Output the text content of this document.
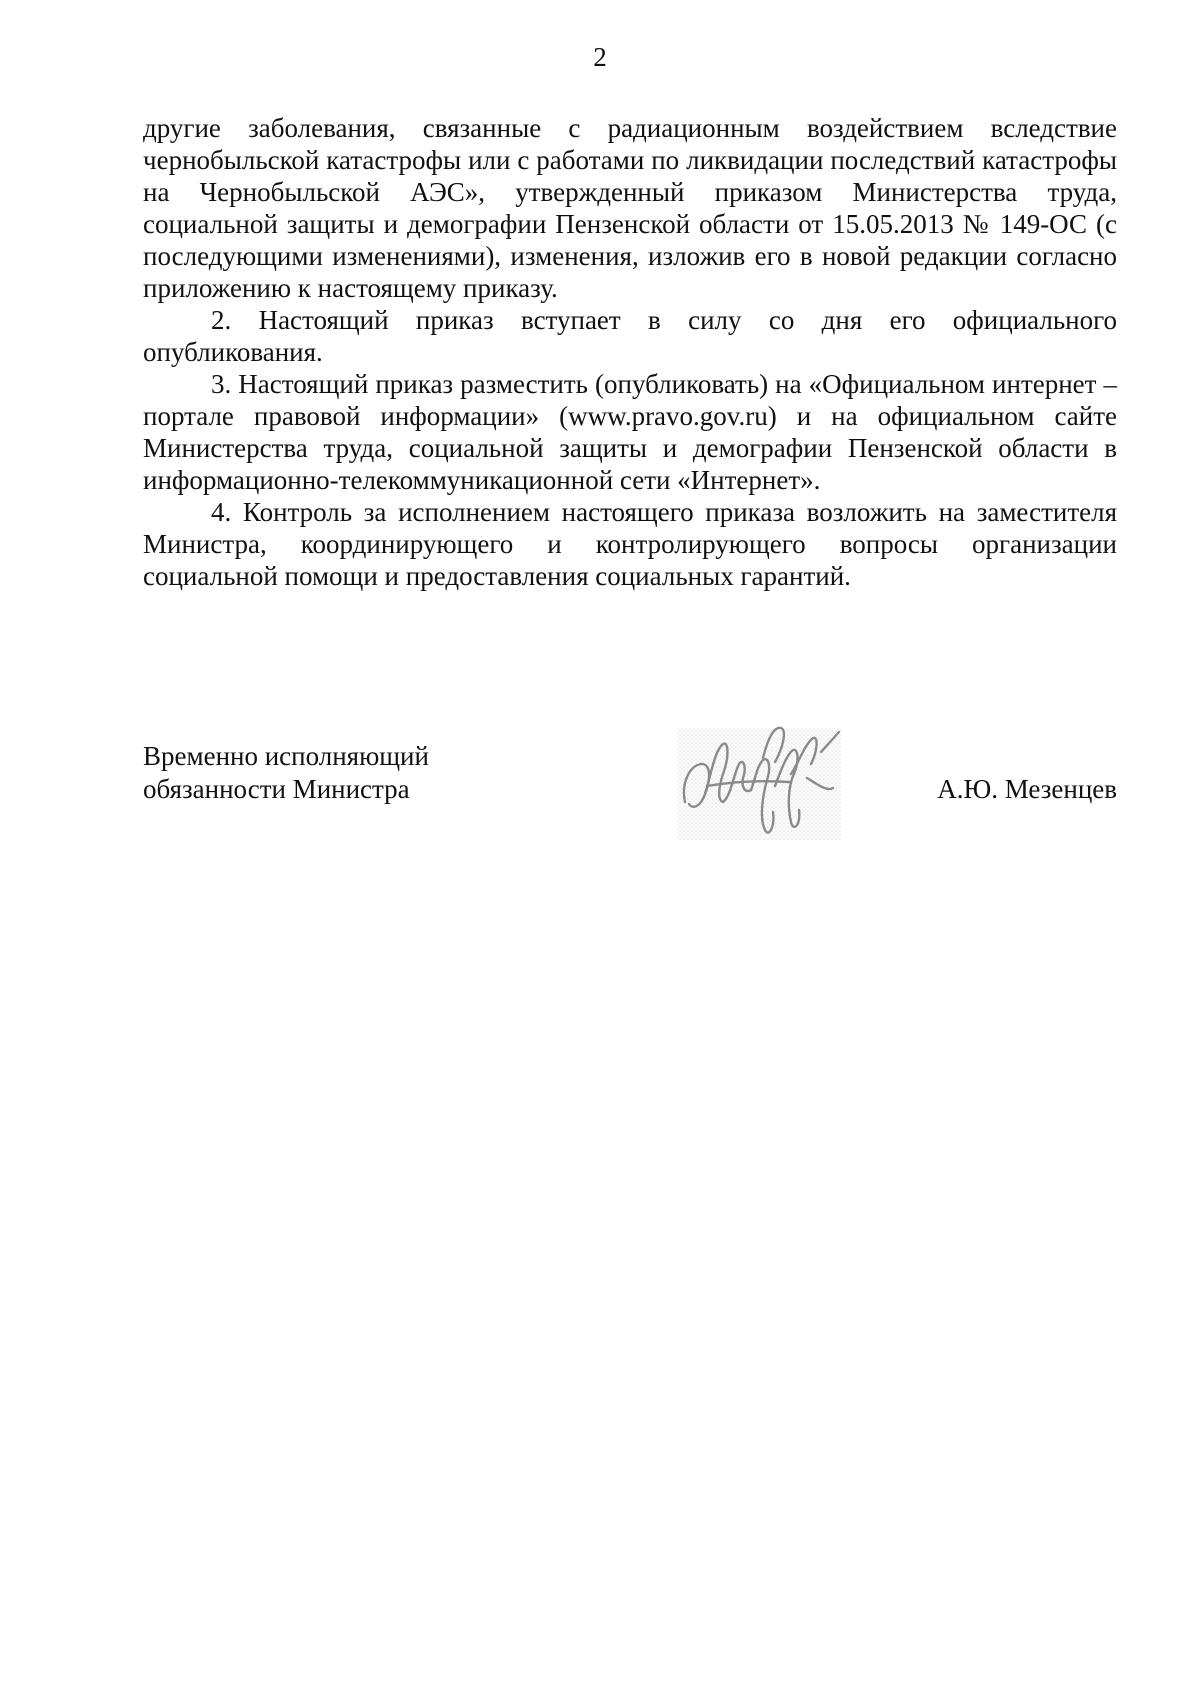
2

другие заболевания, связанные с радиационным воздействием вследствие чернобыльской катастрофы или с работами по ликвидации последствий катастрофы на Чернобыльской АЭС», утвержденный приказом Министерства труда, социальной защиты и демографии Пензенской области от 15.05.2013 № 149-ОС (с последующими изменениями), изменения, изложив его в новой редакции согласно приложению к настоящему приказу.

2. Настоящий приказ вступает в силу со дня его официального опубликования.

3. Настоящий приказ разместить (опубликовать) на «Официальном интернет – портале правовой информации» (www.pravo.gov.ru) и на официальном сайте Министерства труда, социальной защиты и демографии Пензенской области в информационно-телекоммуникационной сети «Интернет».

4. Контроль за исполнением настоящего приказа возложить на заместителя Министра, координирующего и контролирующего вопросы организации социальной помощи и предоставления социальных гарантий.

Временно исполняющий
обязанности Министра	А.Ю. Мезенцев
